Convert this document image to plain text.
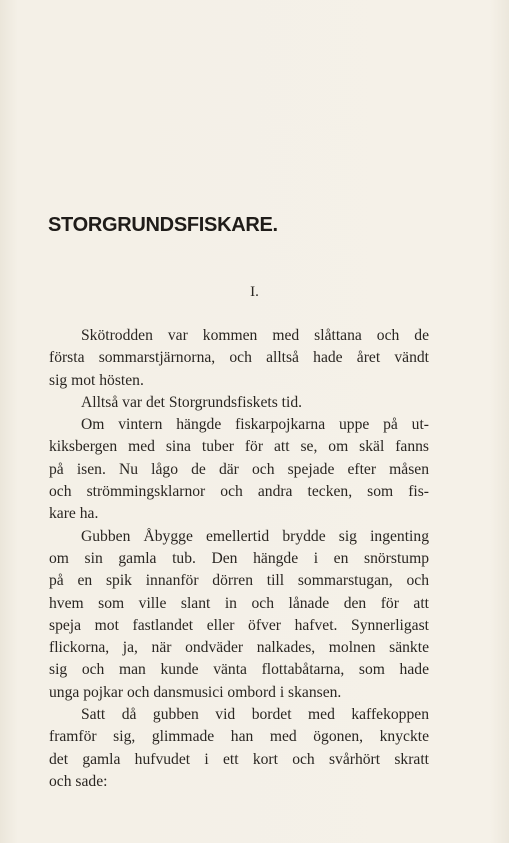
STORGRUNDSFISKARE.
I.
Skötrodden var kommen med slåttana och de
första sommarstjärnorna, och alltså hade året vändt
sig mot hösten.
Alltså var det Storgrundsfiskets tid.
Om vintern hängde fiskarpojkarna uppe på ut-
kiksbergen med sina tuber för att se, om skäl fanns
på isen. Nu lågo de där och spejade efter måsen
och strömmingsklarnor och andra tecken, som fis-
kare ha.
Gubben Åbygge emellertid brydde sig ingenting
om sin gamla tub. Den hängde i en snörstump
på en spik innanför dörren till sommarstugan, och
hvem som ville slant in och lånade den för att
speja mot fastlandet eller öfver hafvet. Synnerligast
flickorna, ja, när ondväder nalkades, molnen sänkte
sig och man kunde vänta flottabåtarna, som hade
unga pojkar och dansmusici ombord i skansen.
Satt då gubben vid bordet med kaffekoppen
framför sig, glimmade han med ögonen, knyckte
det gamla hufvudet i ett kort och svårhört skratt
och sade:
